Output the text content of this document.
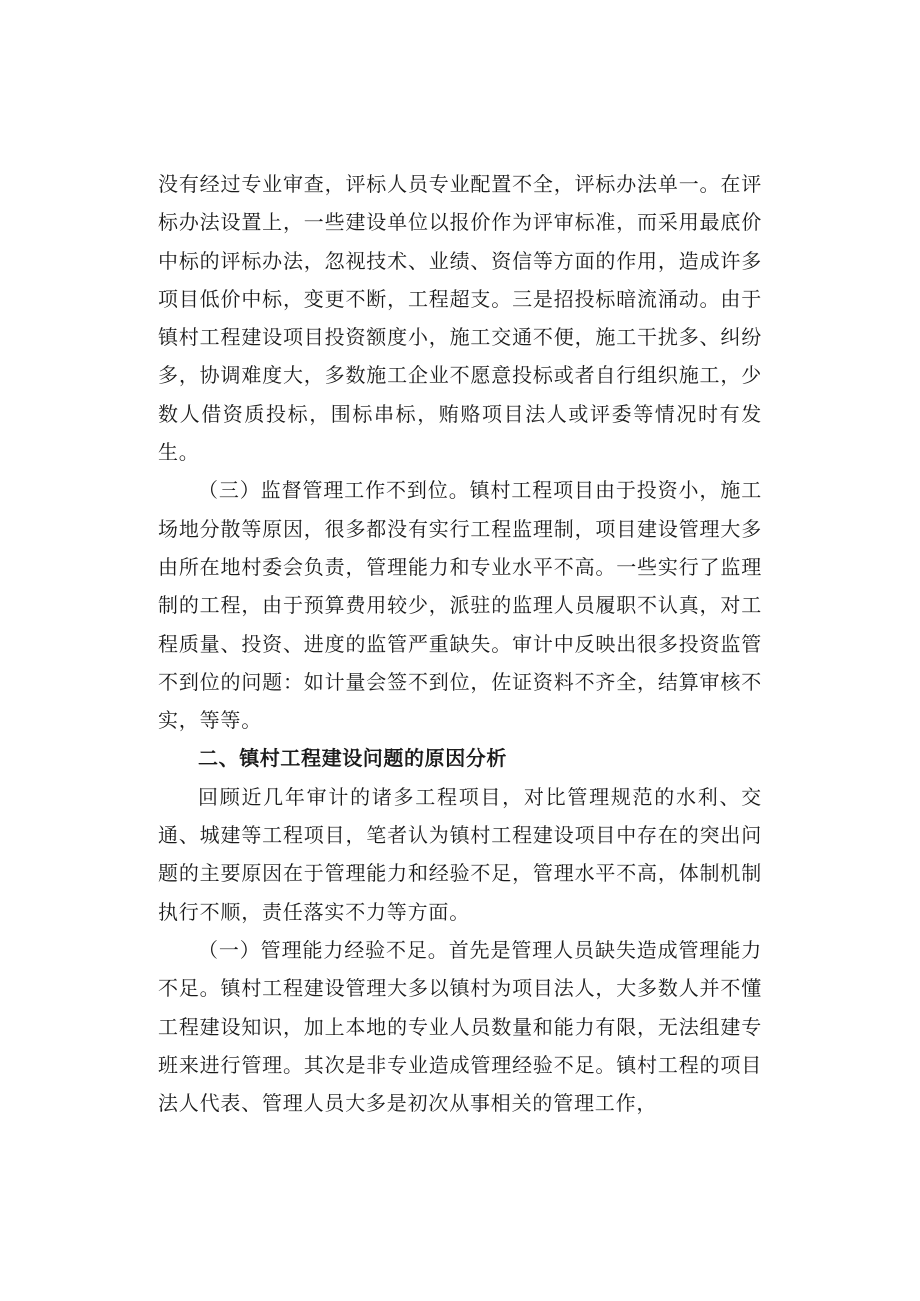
没有经过专业审查，评标人员专业配置不全，评标办法单一。在评标办法设置上，一些建设单位以报价作为评审标准，而采用最底价中标的评标办法，忽视技术、业绩、资信等方面的作用，造成许多项目低价中标，变更不断，工程超支。三是招投标暗流涌动。由于镇村工程建设项目投资额度小，施工交通不便，施工干扰多、纠纷多，协调难度大，多数施工企业不愿意投标或者自行组织施工，少数人借资质投标，围标串标，贿赂项目法人或评委等情况时有发生。

（三）监督管理工作不到位。镇村工程项目由于投资小，施工场地分散等原因，很多都没有实行工程监理制，项目建设管理大多由所在地村委会负责，管理能力和专业水平不高。一些实行了监理制的工程，由于预算费用较少，派驻的监理人员履职不认真，对工程质量、投资、进度的监管严重缺失。审计中反映出很多投资监管不到位的问题：如计量会签不到位，佐证资料不齐全，结算审核不实，等等。

二、镇村工程建设问题的原因分析

回顾近几年审计的诸多工程项目，对比管理规范的水利、交通、城建等工程项目，笔者认为镇村工程建设项目中存在的突出问题的主要原因在于管理能力和经验不足，管理水平不高，体制机制执行不顺，责任落实不力等方面。

（一）管理能力经验不足。首先是管理人员缺失造成管理能力不足。镇村工程建设管理大多以镇村为项目法人，大多数人并不懂工程建设知识，加上本地的专业人员数量和能力有限，无法组建专班来进行管理。其次是非专业造成管理经验不足。镇村工程的项目法人代表、管理人员大多是初次从事相关的管理工作，
